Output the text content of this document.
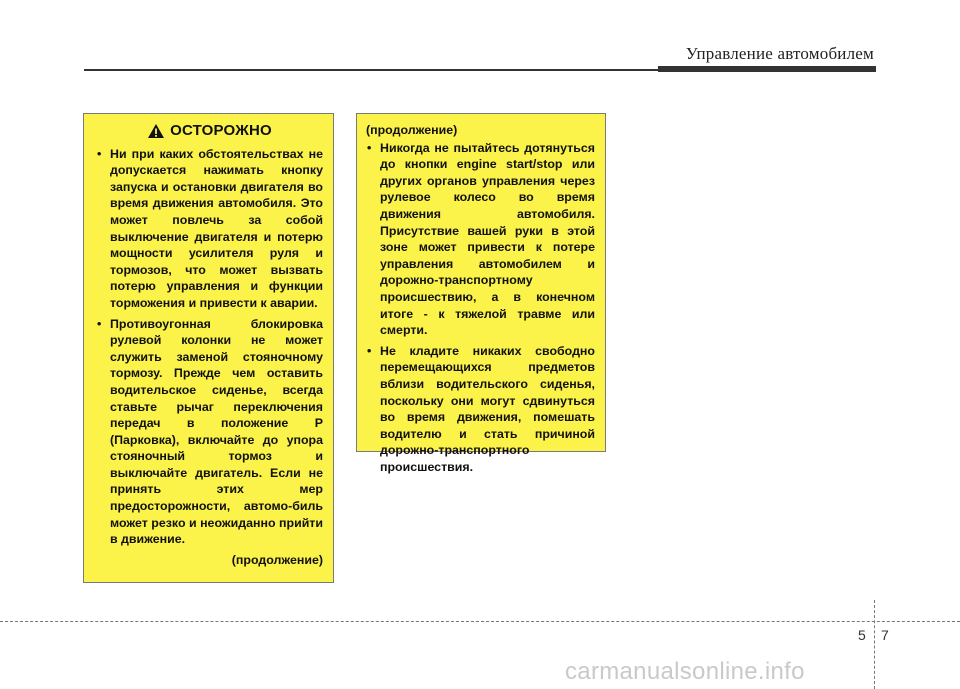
Управление автомобилем
ОСТОРОЖНО
• Ни при каких обстоятельствах не допускается нажимать кнопку запуска и остановки двигателя во время движения автомобиля. Это может повлечь за собой выключение двигателя и потерю мощности усилителя руля и тормозов, что может вызвать потерю управления и функции торможения и привести к аварии.
• Противоугонная блокировка рулевой колонки не может служить заменой стояночному тормозу. Прежде чем оставить водительское сиденье, всегда ставьте рычаг переключения передач в положение P (Парковка), включайте до упора стояночный тормоз и выключайте двигатель. Если не принять этих мер предосторожности, автомо-биль может резко и неожиданно прийти в движение.
(продолжение)
(продолжение)
• Никогда не пытайтесь дотянуться до кнопки engine start/stop или других органов управления через рулевое колесо во время движения автомобиля. Присутствие вашей руки в этой зоне может привести к потере управления автомобилем и дорожно-транспортному происшествию, а в конечном итоге - к тяжелой травме или смерти.
• Не кладите никаких свободно перемещающихся предметов вблизи водительского сиденья, поскольку они могут сдвинуться во время движения, помешать водителю и стать причиной дорожно-транспортного происшествия.
5 7
carmanualsonline.info
